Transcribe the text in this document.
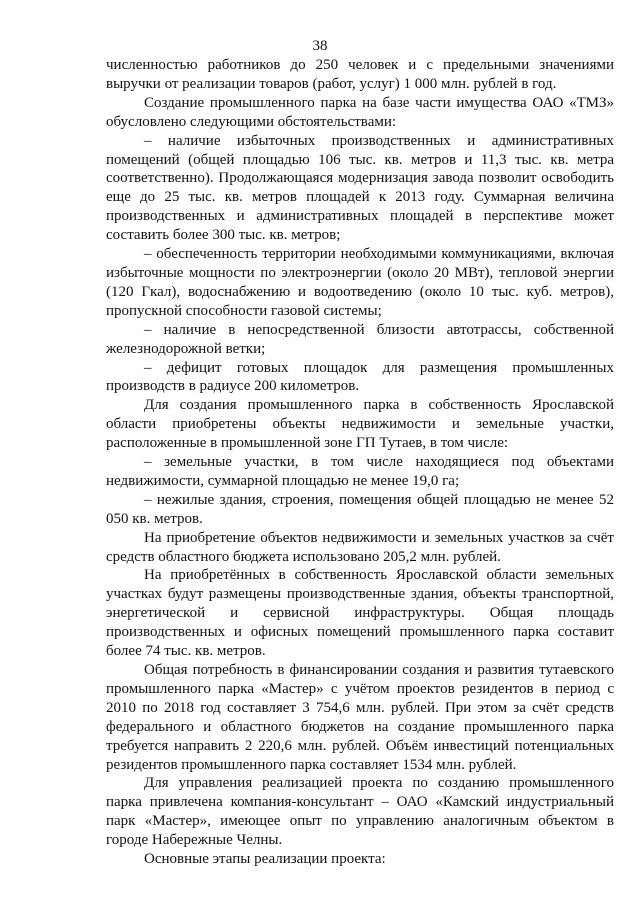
38

численностью работников до 250 человек и с предельными значениями выручки от реализации товаров (работ, услуг) 1 000 млн. рублей в год.

Создание промышленного парка на базе части имущества ОАО «ТМЗ» обусловлено следующими обстоятельствами:

– наличие избыточных производственных и административных помещений (общей площадью 106 тыс. кв. метров и 11,3 тыс. кв. метра соответственно). Продолжающаяся модернизация завода позволит освободить еще до 25 тыс. кв. метров площадей к 2013 году. Суммарная величина производственных и административных площадей в перспективе может составить более 300 тыс. кв. метров;

– обеспеченность территории необходимыми коммуникациями, включая избыточные мощности по электроэнергии (около 20 МВт), тепловой энергии (120 Гкал), водоснабжению и водоотведению (около 10 тыс. куб. метров), пропускной способности газовой системы;

– наличие в непосредственной близости автотрассы, собственной железнодорожной ветки;

– дефицит готовых площадок для размещения промышленных производств в радиусе 200 километров.

Для создания промышленного парка в собственность Ярославской области приобретены объекты недвижимости и земельные участки, расположенные в промышленной зоне ГП Тутаев, в том числе:

– земельные участки, в том числе находящиеся под объектами недвижимости, суммарной площадью не менее 19,0 га;

– нежилые здания, строения, помещения общей площадью не менее 52 050 кв. метров.

На приобретение объектов недвижимости и земельных участков за счёт средств областного бюджета использовано 205,2 млн. рублей.

На приобретённых в собственность Ярославской области земельных участках будут размещены производственные здания, объекты транспортной, энергетической и сервисной инфраструктуры. Общая площадь производственных и офисных помещений промышленного парка составит более 74 тыс. кв. метров.

Общая потребность в финансировании создания и развития тутаевского промышленного парка «Мастер» с учётом проектов резидентов в период с 2010 по 2018 год составляет 3 754,6 млн. рублей. При этом за счёт средств федерального и областного бюджетов на создание промышленного парка требуется направить 2 220,6 млн. рублей. Объём инвестиций потенциальных резидентов промышленного парка составляет 1534 млн. рублей.

Для управления реализацией проекта по созданию промышленного парка привлечена компания-консультант – ОАО «Камский индустриальный парк «Мастер», имеющее опыт по управлению аналогичным объектом в городе Набережные Челны.

Основные этапы реализации проекта:
